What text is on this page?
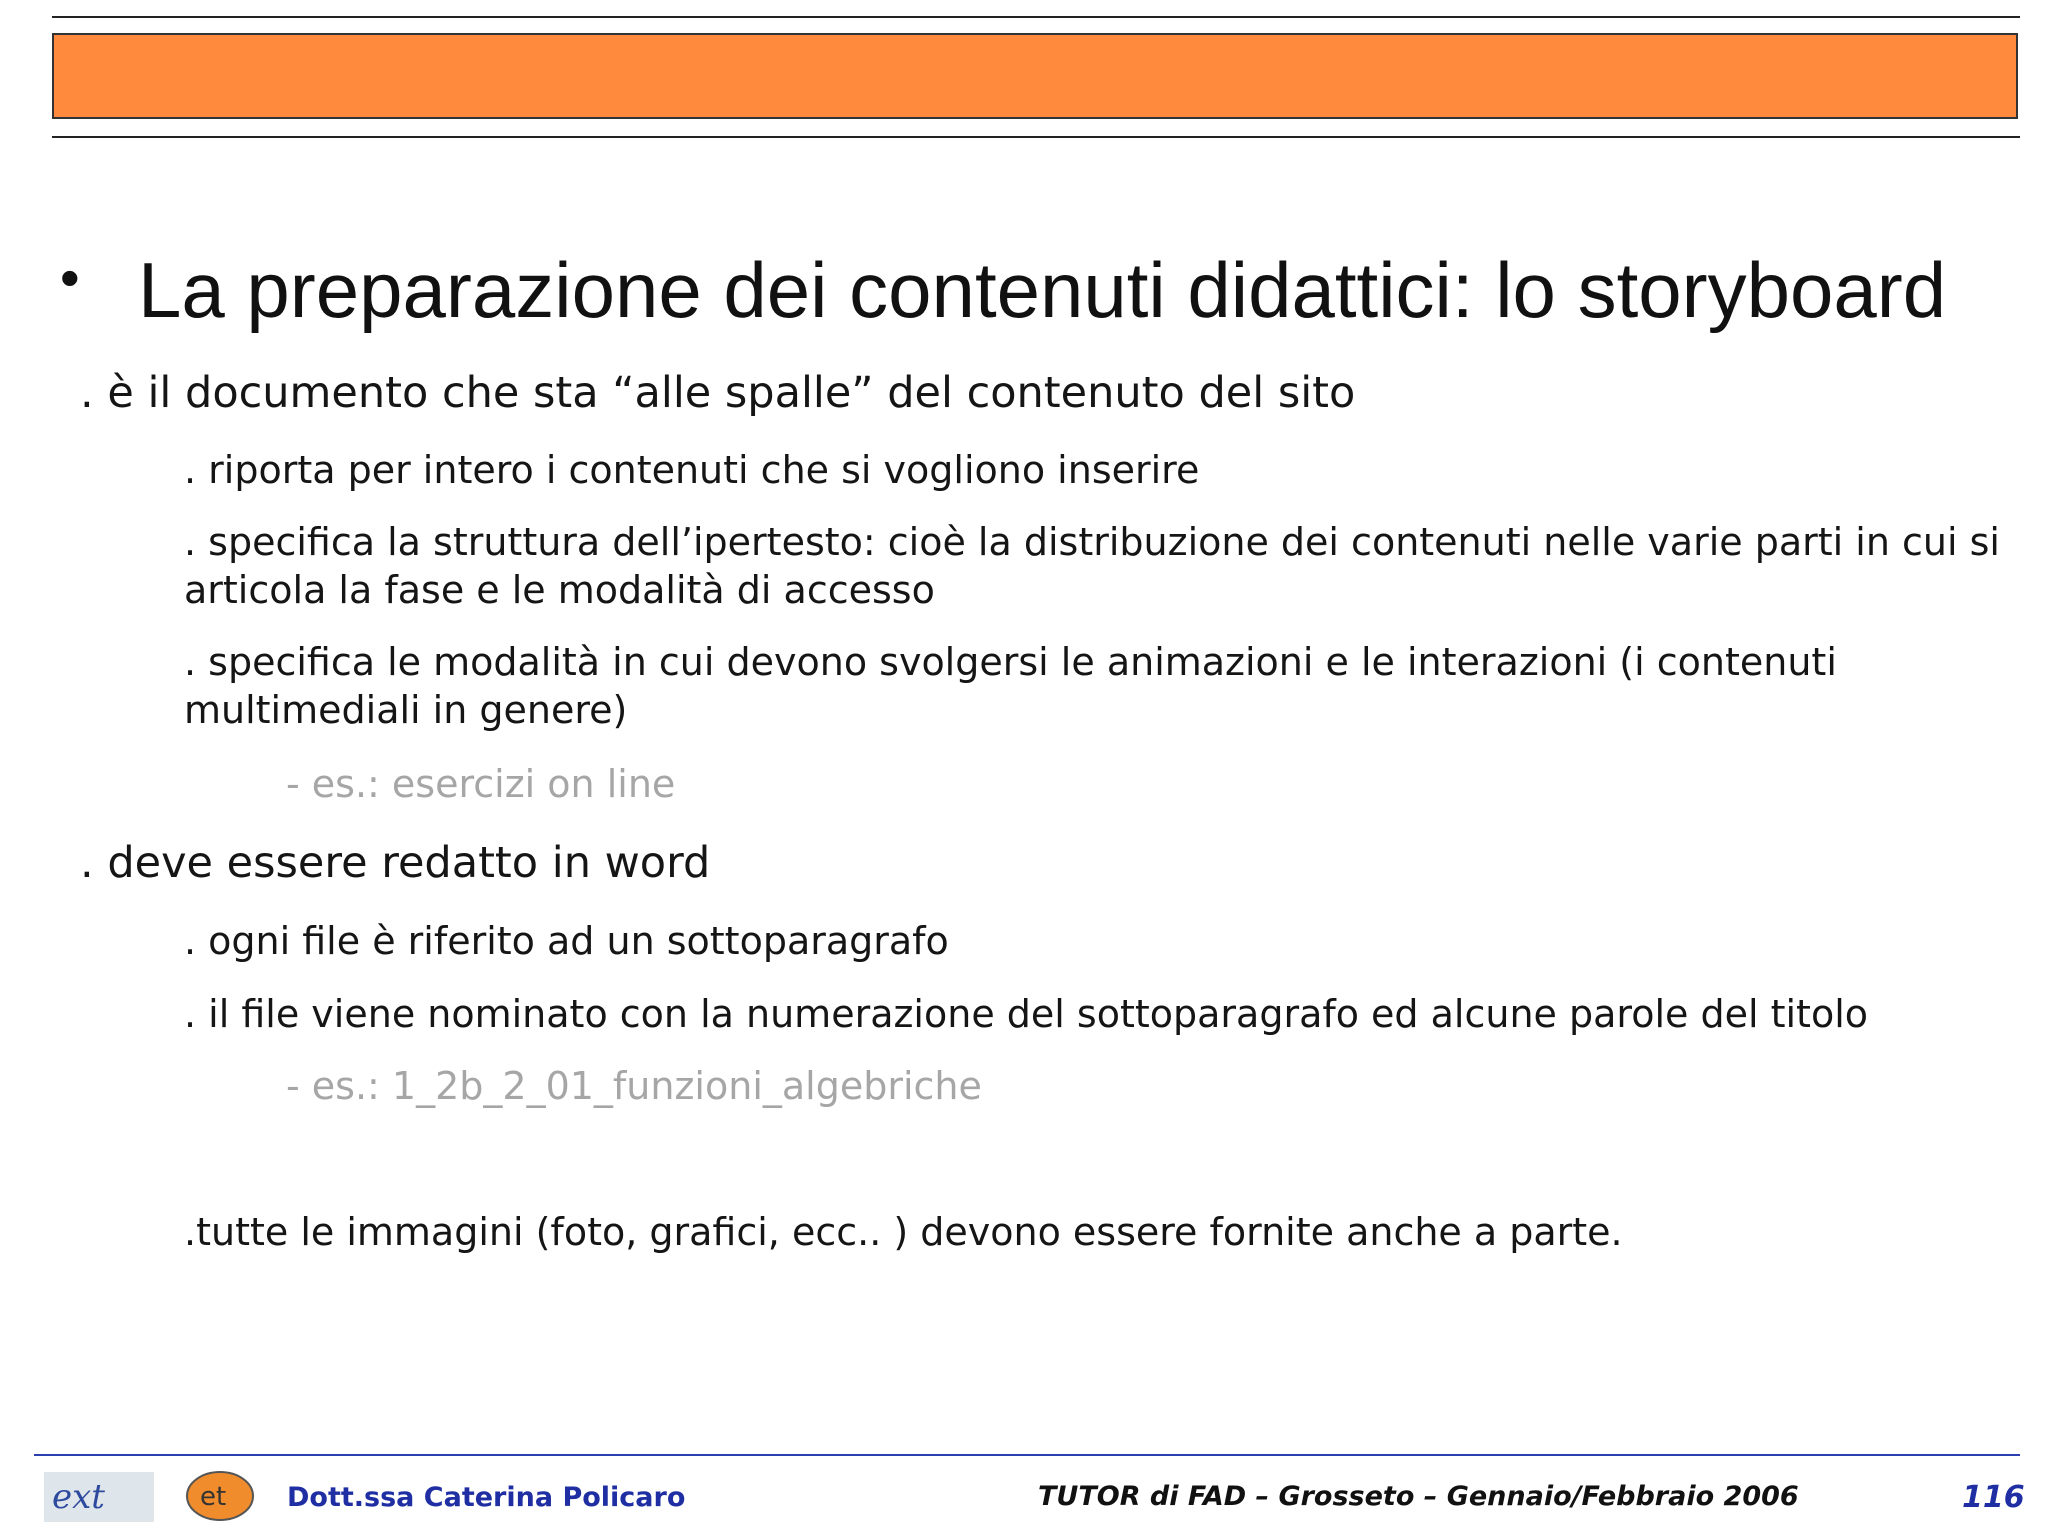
• La preparazione dei contenuti didattici: lo storyboard

. è il documento che sta “alle spalle” del contenuto del sito

. riporta per intero i contenuti che si vogliono inserire

. specifica la struttura dell’ipertesto: cioè la distribuzione dei contenuti nelle varie parti in cui si articola la fase e le modalità di accesso

. specifica le modalità in cui devono svolgersi le animazioni e le interazioni (i contenuti multimediali in genere)

- es.: esercizi on line

. deve essere redatto in word

. ogni file è riferito ad un sottoparagrafo

. il file viene nominato con la numerazione del sottoparagrafo ed alcune parole del titolo

- es.: 1_2b_2_01_funzioni_algebriche

.tutte le immagini (foto, grafici, ecc.. ) devono essere fornite anche a parte.

ext	et Dott.ssa Caterina Policaro	TUTOR di FAD – Grosseto – Gennaio/Febbraio 2006	116
